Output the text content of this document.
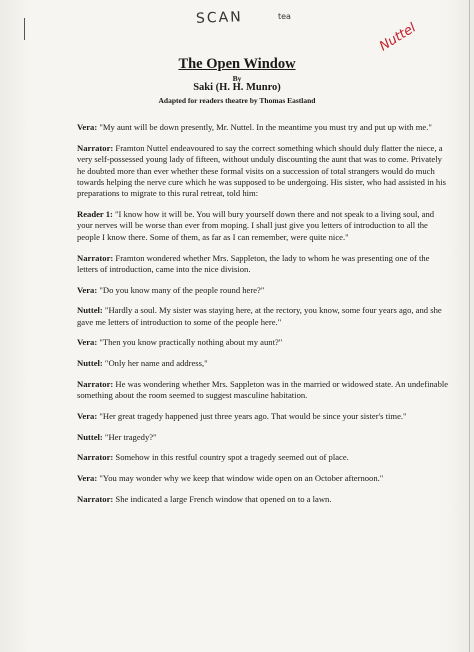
SCAN	tea
Nuttel
The Open Window
By
Saki (H. H. Munro)
Adapted for readers theatre by Thomas Eastland

Vera: "My aunt will be down presently, Mr. Nuttel. In the meantime you must try and put up with me."

Narrator: Framton Nuttel endeavoured to say the correct something which should duly flatter the niece, a very self-possessed young lady of fifteen, without unduly discounting the aunt that was to come. Privately he doubted more than ever whether these formal visits on a succession of total strangers would do much towards helping the nerve cure which he was supposed to be undergoing. His sister, who had assisted in his preparations to migrate to this rural retreat, told him:

Reader 1: "I know how it will be. You will bury yourself down there and not speak to a living soul, and your nerves will be worse than ever from moping. I shall just give you letters of introduction to all the people I know there. Some of them, as far as I can remember, were quite nice."

Narrator: Framton wondered whether Mrs. Sappleton, the lady to whom he was presenting one of the letters of introduction, came into the nice division.

Vera: "Do you know many of the people round here?"

Nuttel: "Hardly a soul. My sister was staying here, at the rectory, you know, some four years ago, and she gave me letters of introduction to some of the people here."

Vera: "Then you know practically nothing about my aunt?"

Nuttel: "Only her name and address,"

Narrator: He was wondering whether Mrs. Sappleton was in the married or widowed state. An undefinable something about the room seemed to suggest masculine habitation.

Vera: "Her great tragedy happened just three years ago. That would be since your sister's time."

Nuttel: "Her tragedy?"

Narrator: Somehow in this restful country spot a tragedy seemed out of place.

Vera: "You may wonder why we keep that window wide open on an October afternoon."

Narrator: She indicated a large French window that opened on to a lawn.
